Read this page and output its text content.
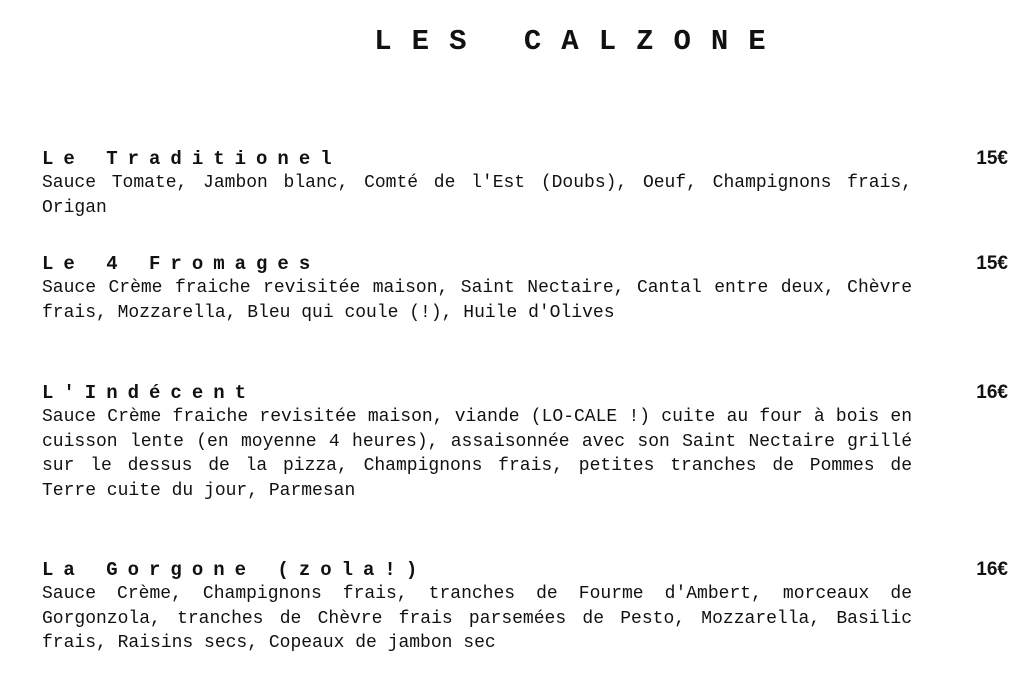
LES CALZONE
Le Traditionel	15€

Sauce Tomate, Jambon blanc, Comté de l'Est (Doubs), Oeuf, Champignons frais, Origan

Le 4 Fromages	15€

Sauce Crème fraiche revisitée maison, Saint Nectaire, Cantal entre deux, Chèvre frais, Mozzarella, Bleu qui coule (!), Huile d'Olives

L'Indécent	16€

Sauce Crème fraiche revisitée maison, viande (LO-CALE !) cuite au four à bois en cuisson lente (en moyenne 4 heures), assaisonnée avec son Saint Nectaire grillé sur le dessus de la pizza, Champignons frais, petites tranches de Pommes de Terre cuite du jour, Parmesan

La Gorgone (zola!)	16€

Sauce Crème, Champignons frais, tranches de Fourme d'Ambert, morceaux de Gorgonzola, tranches de Chèvre frais parsemées de Pesto, Mozzarella, Basilic frais, Raisins secs, Copeaux de jambon sec
